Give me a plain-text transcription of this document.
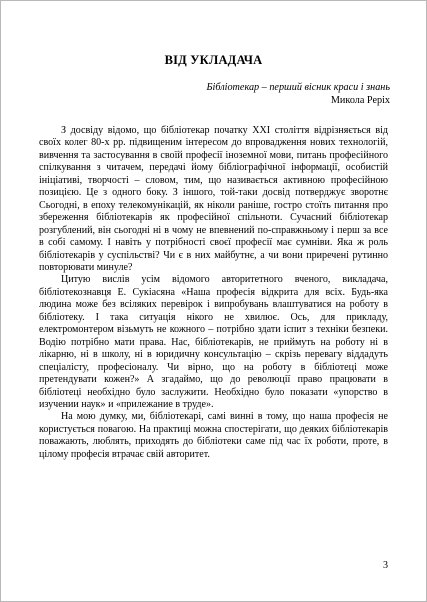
ВІД УКЛАДАЧА
Бібліотекар – перший вісник краси і знань
Микола Реріх

З досвіду відомо, що бібліотекар початку XXI століття відрізняється від своїх колег 80-х рр. підвищеним інтересом до впровадження нових технологій, вивчення та застосування в своїй професії іноземної мови, питань професійного спілкування з читачем, передачі йому бібліографічної інформації, особистій ініціативі, творчості – словом, тим, що називається активною професійною позицією. Це з одного боку. З іншого, той-таки досвід потверджує зворотнє Сьогодні, в епоху телекомунікацій, як ніколи раніше, гостро стоїть питання про збереження бібліотекарів як професійної спільноти. Сучасний бібліотекар розгублений, він сьогодні ні в чому не впевнений по-справжньому і перш за все в собі самому. І навіть у потрібності своєї професії має сумніви. Яка ж роль бібліотекарів у суспільстві? Чи є в них майбутнє, а чи вони приречені рутинно повторювати минуле?

Цитую вислів усім відомого авторитетного вченого, викладача, бібліотекознавця Е. Сукіасяна «Наша професія відкрита для всіх. Будь-яка людина може без всіляких перевірок і випробувань влаштуватися на роботу в бібліотеку. І така ситуація нікого не хвилює. Ось, для прикладу, електромонтером візьмуть не кожного – потрібно здати іспит з техніки безпеки. Водію потрібно мати права. Нас, бібліотекарів, не приймуть на роботу ні в лікарню, ні в школу, ні в юридичну консультацію – скрізь перевагу віддадуть спеціалісту, професіоналу. Чи вірно, що на роботу в бібліотеці може претендувати кожен?» А згадаймо, що до революції право працювати в бібліотеці необхідно було заслужити. Необхідно було показати «упорство в изучении наук» и «прилежание в труде».

На мою думку, ми, бібліотекарі, самі винні в тому, що наша професія не користується повагою. На практиці можна спостерігати, що деяких бібліотекарів поважають, люблять, приходять до бібліотеки саме під час їх роботи, проте, в цілому професія втрачає свій авторитет.

3
